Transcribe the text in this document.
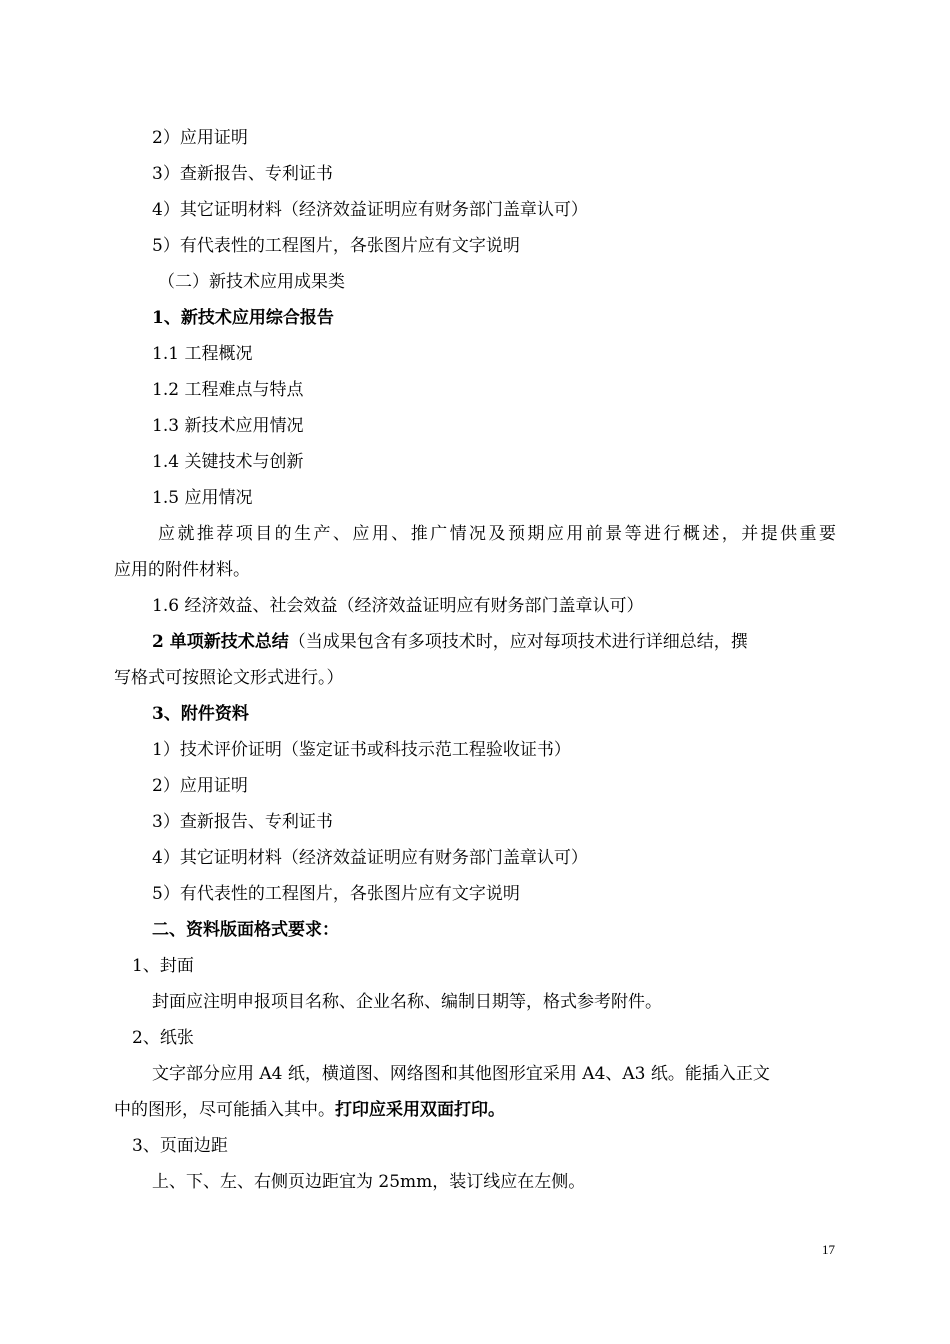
2）应用证明
3）查新报告、专利证书
4）其它证明材料（经济效益证明应有财务部门盖章认可）
5）有代表性的工程图片，各张图片应有文字说明
（二）新技术应用成果类
1、新技术应用综合报告
1.1 工程概况
1.2 工程难点与特点
1.3 新技术应用情况
1.4 关键技术与创新
1.5 应用情况
应就推荐项目的生产、应用、推广情况及预期应用前景等进行概述，并提供重要
应用的附件材料。
1.6 经济效益、社会效益（经济效益证明应有财务部门盖章认可）
2 单项新技术总结（当成果包含有多项技术时，应对每项技术进行详细总结，撰
写格式可按照论文形式进行。）
3、附件资料
1）技术评价证明（鉴定证书或科技示范工程验收证书）
2）应用证明
3）查新报告、专利证书
4）其它证明材料（经济效益证明应有财务部门盖章认可）
5）有代表性的工程图片，各张图片应有文字说明
二、资料版面格式要求：
1、封面
封面应注明申报项目名称、企业名称、编制日期等，格式参考附件。
2、纸张
文字部分应用 A4 纸，横道图、网络图和其他图形宜采用 A4、A3 纸。能插入正文
中的图形，尽可能插入其中。打印应采用双面打印。
3、页面边距
上、下、左、右侧页边距宜为 25mm，装订线应在左侧。
17
